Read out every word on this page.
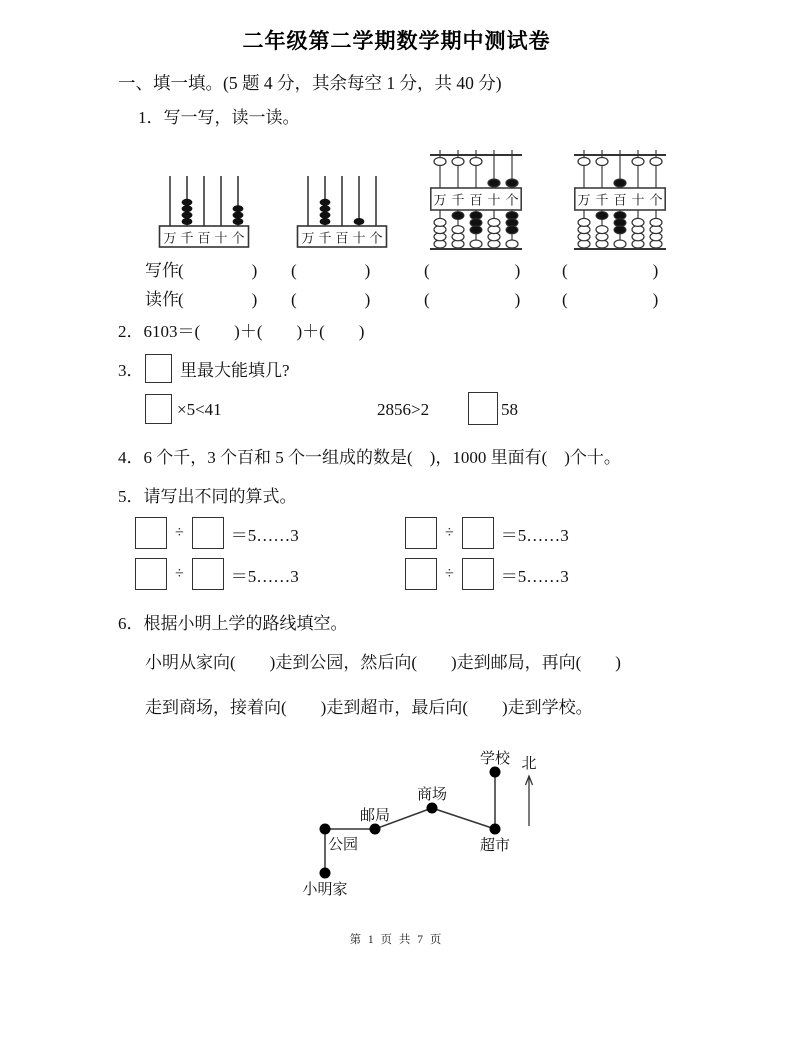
二年级第二学期数学期中测试卷
一、填一填。(5 题 4 分，其余每空 1 分，共 40 分)
1．写一写，读一读。
万 千 百 十 个	万 千 百 十 个
万 千 百 十 个	万 千 百 十 个
写作 (　　　　) (　　　　)	(　　　　　) (　　　　　)
读作 (　　　　) (　　　　)	(　　　　　) (　　　　　)
2．6103＝(　　)＋(　　)＋(　　)
3． 里最大能填几?
×5<41	2856>2	58
4．6 个千，3 个百和 5 个一组成的数是(　)，1000 里面有(　)个十。
5．请写出不同的算式。
÷	＝5……3	÷	＝5……3
÷	＝5……3	÷	＝5……3
6．根据小明上学的路线填空。
小明从家向(　　)走到公园，然后向(　　)走到邮局，再向(　　)
走到商场，接着向(　　)走到超市，最后向(　　)走到学校。
小明家
公园
邮局
商场
超市
学校 北
第 1 页 共 7 页
